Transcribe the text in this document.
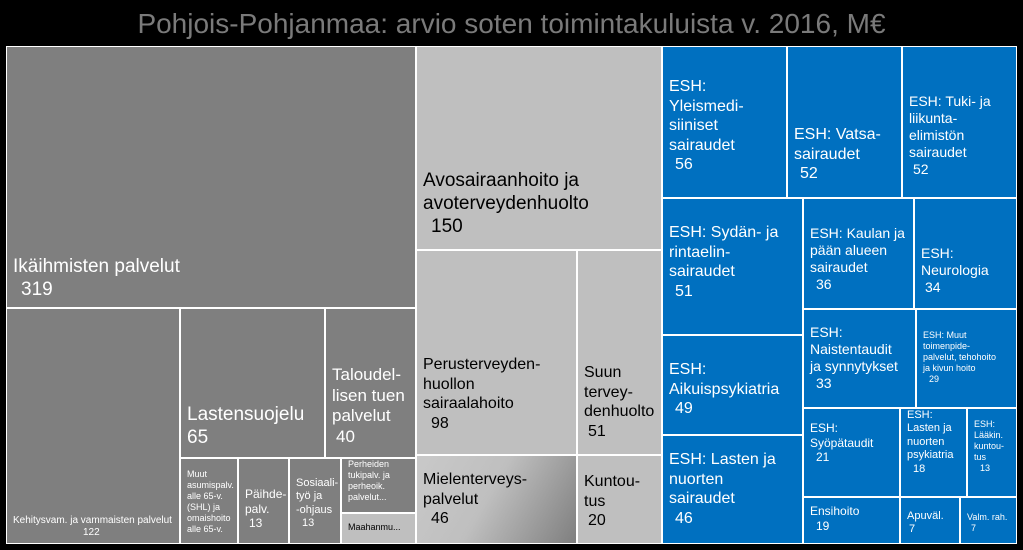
Pohjois-Pohjanmaa: arvio soten toimintakuluista v. 2016, M€
Ikäihmisten palvelut
319
Kehitysvam. ja vammaisten palvelut
122
Lastensuojelu
65
Taloudel-
lisen tuen
palvelut
40
Muut
asumispalv.
alle 65-v.
(SHL) ja
omaishoito
alle 65-v.
Päihde-
palv.
13
Sosiaali-
työ ja
-ohjaus
13
Perheiden
tukipalv. ja
perheoik.
palvelut...
Maahanmu...
Avosairaanhoito ja
avoterveydenhuolto
150
Perusterveyden-
huollon
sairaalahoito
98
Suun
tervey-
denhuolto
51
Mielenterveys-
palvelut
46
Kuntou-
tus
20
ESH:
Yleismedi-
siiniset
sairaudet
56
ESH: Vatsa-
sairaudet
52
ESH: Tuki- ja
liikunta-
elimistön
sairaudet
52
ESH: Sydän- ja
rintaelin-
sairaudet
51
ESH: Kaulan ja
pään alueen
sairaudet
36
ESH:
Neurologia
34
ESH:
Naistentaudit
ja synnytykset
33
ESH: Muut
toimenpide-
palvelut, tehohoito
ja kivun hoito
29
ESH:
Aikuispsykiatria
49
ESH:
Syöpätaudit
21
ESH:
Lasten ja
nuorten
psykiatria
18
ESH:
Lääkin.
kuntou-
tus
13
ESH: Lasten ja
nuorten
sairaudet
46	Ensihoito
19
Apuväl.
7
Valm. rah.
7
